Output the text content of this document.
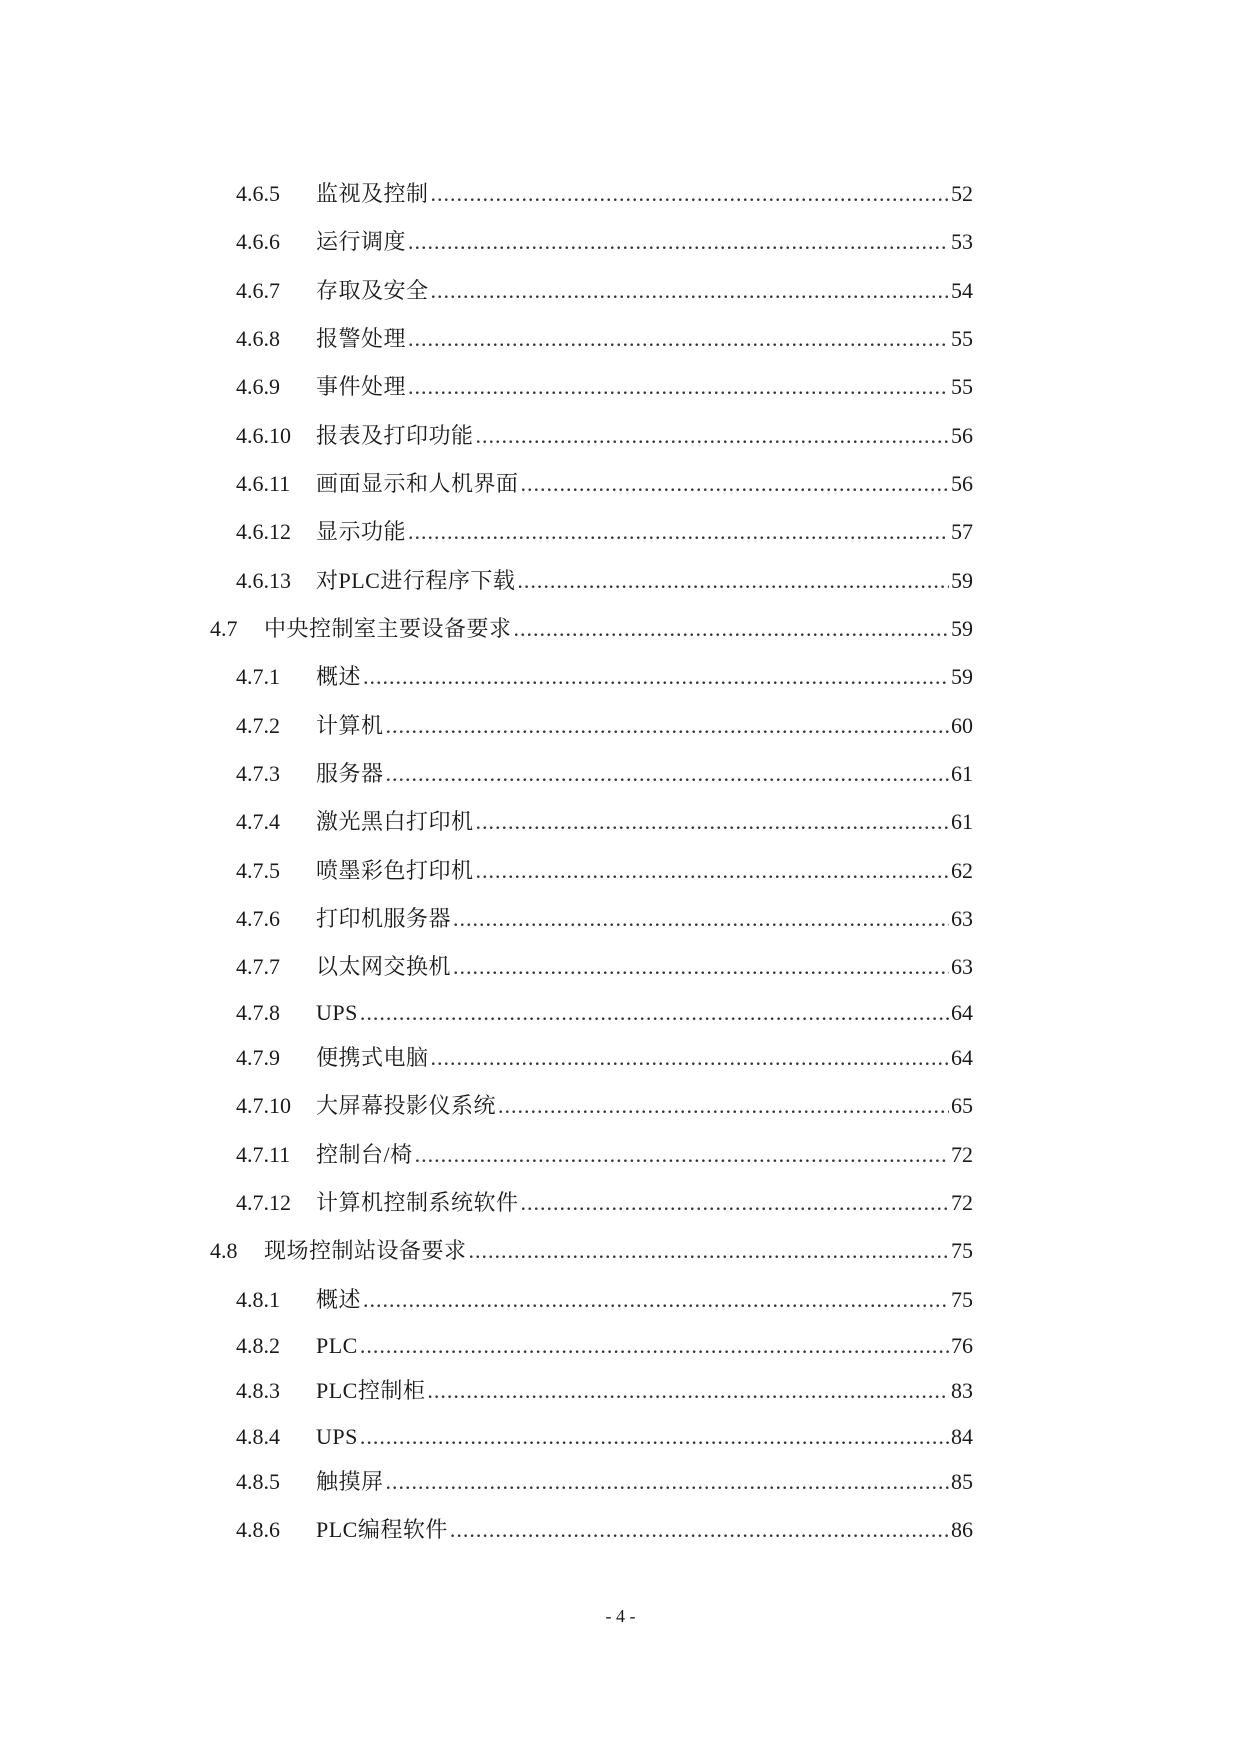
4.6.5	监视及控制 .....	52
4.6.6	运行调度 .....	53
4.6.7	存取及安全 .....	54
4.6.8	报警处理 .....	55
4.6.9	事件处理 .....	55
4.6.10	报表及打印功能 .....	56
4.6.11	画面显示和人机界面 .....	56
4.6.12	显示功能 .....	57
4.6.13	对PLC进行程序下载 .....	59
4.7	中央控制室主要设备要求 .....	59
4.7.1	概述 .....	59
4.7.2	计算机 .....	60
4.7.3	服务器 .....	61
4.7.4	激光黑白打印机 .....	61
4.7.5	喷墨彩色打印机 .....	62
4.7.6	打印机服务器 .....	63
4.7.7	以太网交换机 .....	63
4.7.8	UPS .....	64
4.7.9	便携式电脑 .....	64
4.7.10	大屏幕投影仪系统 .....	65
4.7.11	控制台/椅 .....	72
4.7.12	计算机控制系统软件 .....	72
4.8	现场控制站设备要求 .....	75
4.8.1	概述 .....	75
4.8.2	PLC .....	76
4.8.3	PLC控制柜 .....	83
4.8.4	UPS .....	84
4.8.5	触摸屏 .....	85
4.8.6	PLC编程软件 .....	86
- 4 -
